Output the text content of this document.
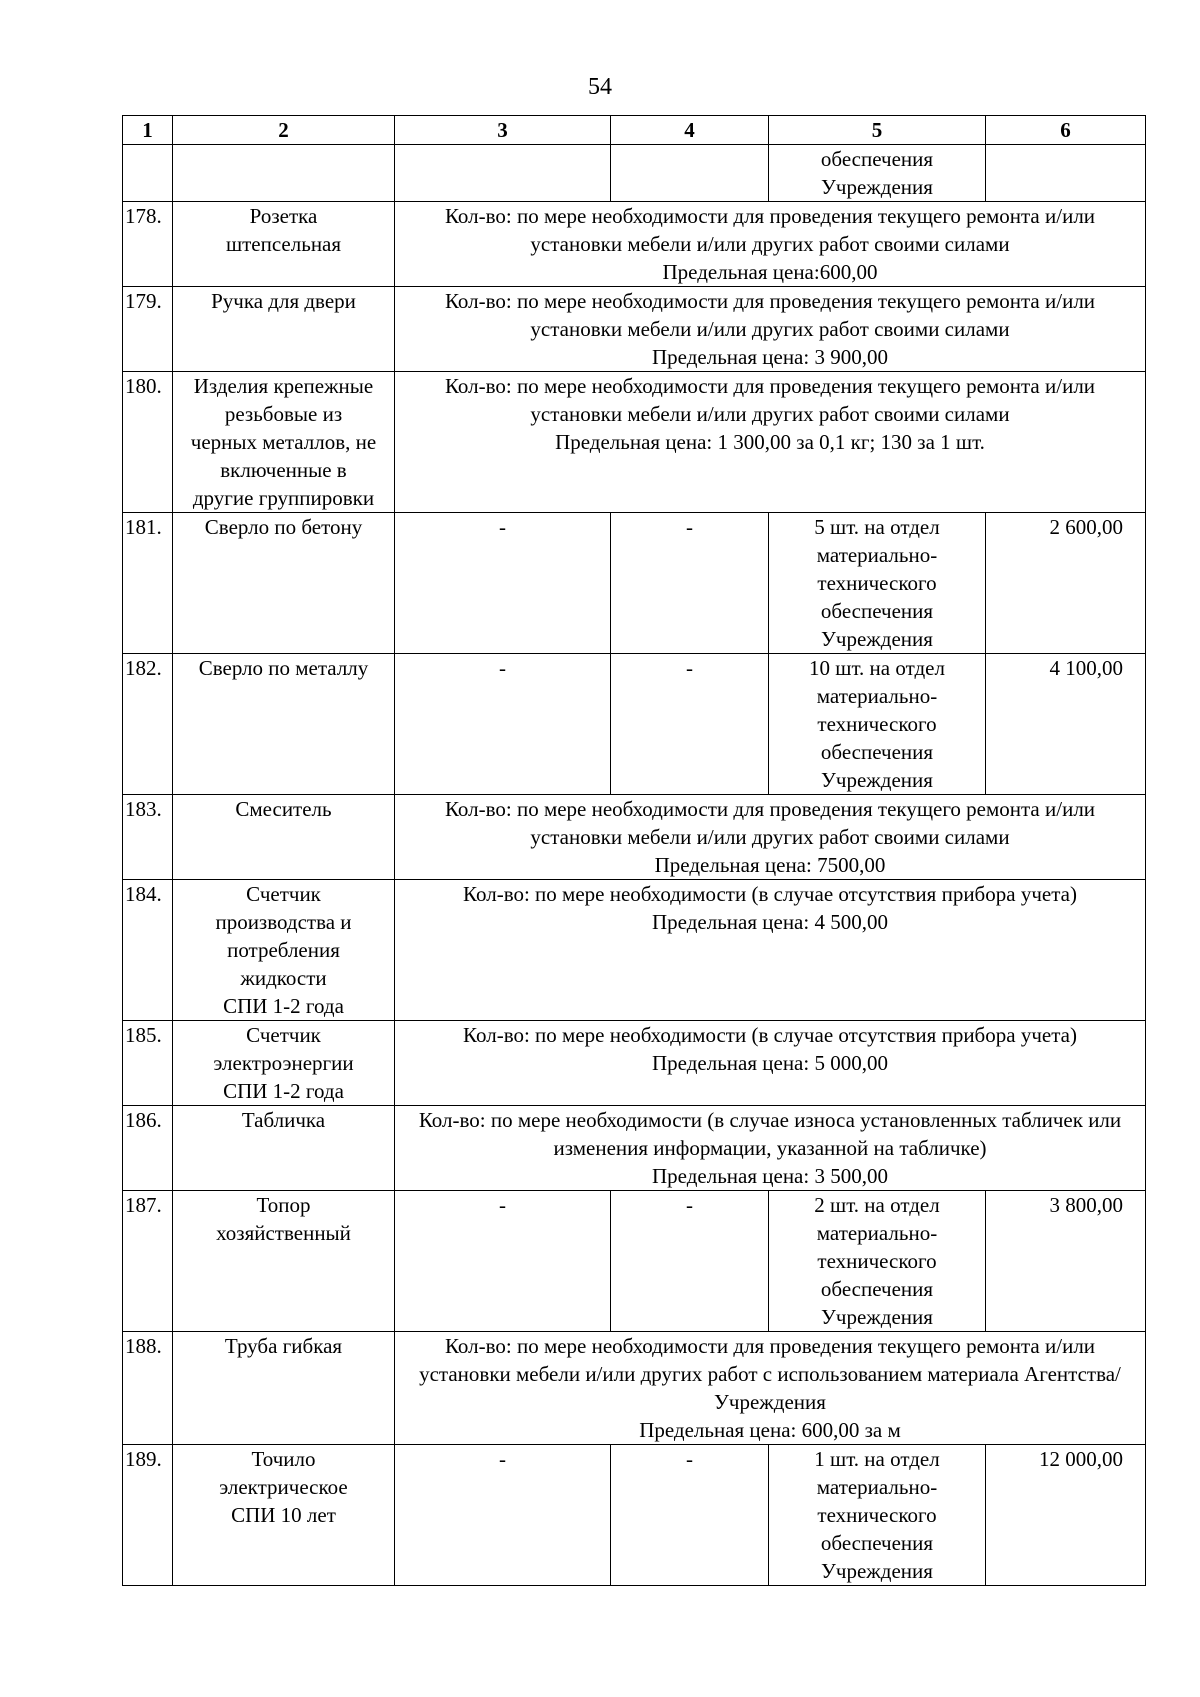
54
1	2	3	4	5	6
				обеспечения
Учреждения	
178.	Розетка
штепсельная	Кол-во: по мере необходимости для проведения текущего ремонта и/или установки мебели и/или других работ своими силами
Предельная цена:600,00			
179.	Ручка для двери	Кол-во: по мере необходимости для проведения текущего ремонта и/или установки мебели и/или других работ своими силами
Предельная цена: 3 900,00			
180.	Изделия крепежные
резьбовые из
черных металлов, не
включенные в
другие группировки	Кол-во: по мере необходимости для проведения текущего ремонта и/или установки мебели и/или других работ своими силами
Предельная цена: 1 300,00 за 0,1 кг; 130 за 1 шт.			
181.	Сверло по бетону	-	-	5 шт. на отдел
материально-
технического
обеспечения
Учреждения	2 600,00
182.	Сверло по металлу	-	-	10 шт. на отдел
материально-
технического
обеспечения
Учреждения	4 100,00
183.	Смеситель	Кол-во: по мере необходимости для проведения текущего ремонта и/или установки мебели и/или других работ своими силами
Предельная цена: 7500,00			
184.	Счетчик
производства и
потребления
жидкости
СПИ 1-2 года	Кол-во: по мере необходимости (в случае отсутствия прибора учета)
Предельная цена: 4 500,00			
185.	Счетчик
электроэнергии
СПИ 1-2 года	Кол-во: по мере необходимости (в случае отсутствия прибора учета)
Предельная цена: 5 000,00			
186.	Табличка	Кол-во: по мере необходимости (в случае износа установленных табличек или изменения информации, указанной на табличке)
Предельная цена: 3 500,00			
187.	Топор
хозяйственный	-	-	2 шт. на отдел
материально-
технического
обеспечения
Учреждения	3 800,00
188.	Труба гибкая	Кол-во: по мере необходимости для проведения текущего ремонта и/или установки мебели и/или других работ с использованием материала Агентства/Учреждения
Предельная цена: 600,00 за м			
189.	Точило
электрическое
СПИ 10 лет	-	-	1 шт. на отдел
материально-
технического
обеспечения
Учреждения	12 000,00
